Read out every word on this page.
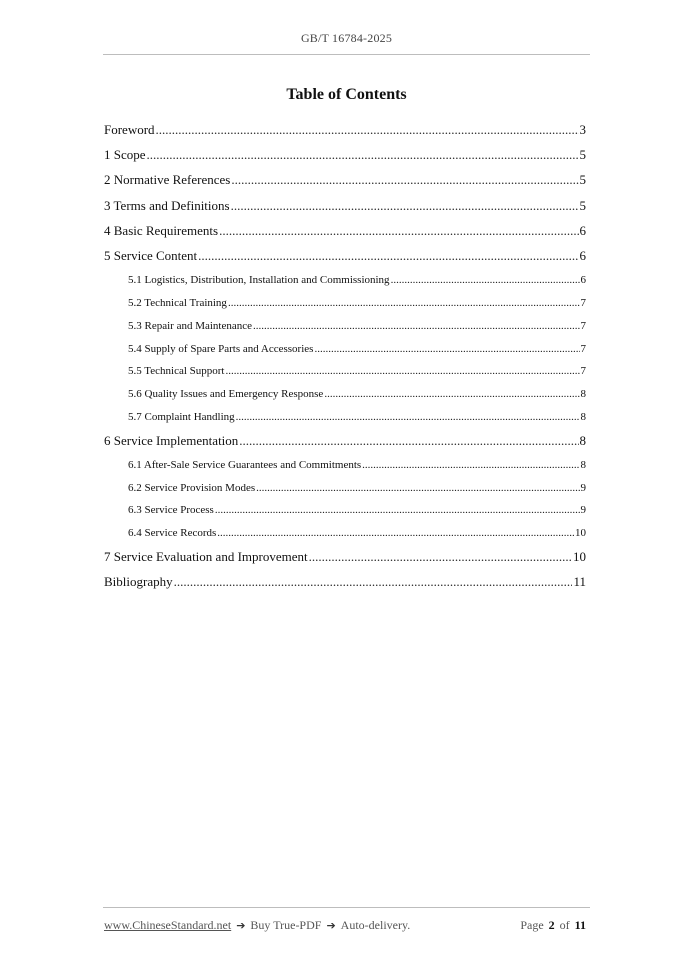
GB/T 16784-2025
Table of Contents
Foreword .....	3
1 Scope .....	5
2 Normative References .....	5
3 Terms and Definitions .....	5
4 Basic Requirements .....	6
5 Service Content .....	6
5.1 Logistics, Distribution, Installation and Commissioning .....	6
5.2 Technical Training .....	7
5.3 Repair and Maintenance .....	7
5.4 Supply of Spare Parts and Accessories .....	7
5.5 Technical Support .....	7
5.6 Quality Issues and Emergency Response .....	8
5.7 Complaint Handling .....	8
6 Service Implementation .....	8
6.1 After-Sale Service Guarantees and Commitments .....	8
6.2 Service Provision Modes .....	9
6.3 Service Process .....	9
6.4 Service Records .....	10
7 Service Evaluation and Improvement .....	10
Bibliography .....	11
www.ChineseStandard.net ➔ Buy True-PDF ➔ Auto-delivery.	Page 2 of 11
